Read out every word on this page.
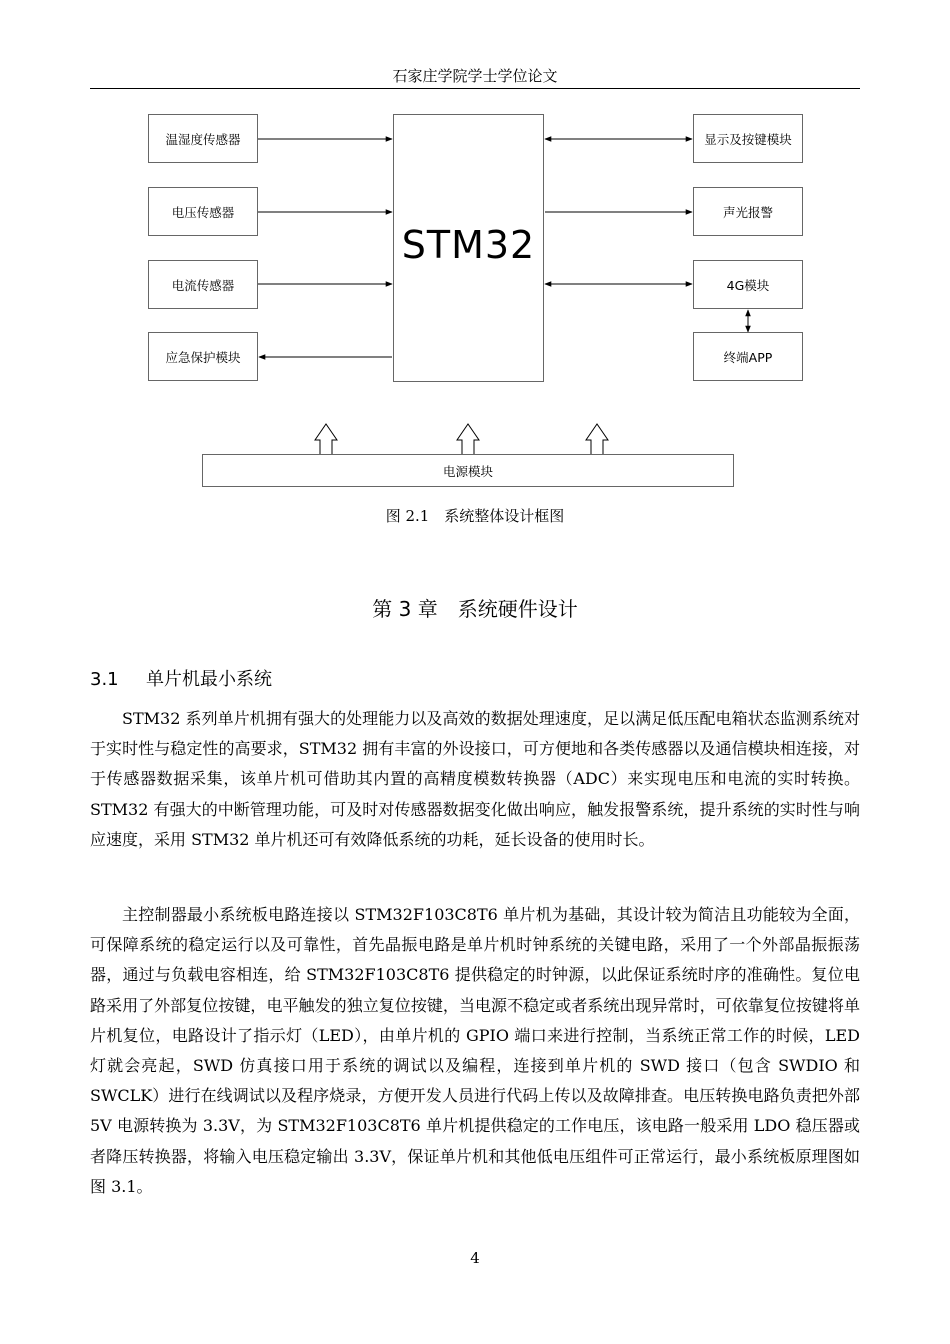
石家庄学院学士学位论文
温湿度传感器
电压传感器
电流传感器
应急保护模块
STM32
显示及按键模块
声光报警
4G模块
终端APP
电源模块
图 2.1　系统整体设计框图
第 3 章　系统硬件设计
3.1 单片机最小系统

STM32 系列单片机拥有强大的处理能力以及高效的数据处理速度，足以满足低压配电箱状态监测系统对于实时性与稳定性的高要求，STM32 拥有丰富的外设接口，可方便地和各类传感器以及通信模块相连接，对于传感器数据采集，该单片机可借助其内置的高精度模数转换器（ADC）来实现电压和电流的实时转换。STM32 有强大的中断管理功能，可及时对传感器数据变化做出响应，触发报警系统，提升系统的实时性与响应速度，采用 STM32 单片机还可有效降低系统的功耗，延长设备的使用时长。

主控制器最小系统板电路连接以 STM32F103C8T6 单片机为基础，其设计较为简洁且功能较为全面，可保障系统的稳定运行以及可靠性，首先晶振电路是单片机时钟系统的关键电路，采用了一个外部晶振振荡器，通过与负载电容相连，给 STM32F103C8T6 提供稳定的时钟源，以此保证系统时序的准确性。复位电路采用了外部复位按键，电平触发的独立复位按键，当电源不稳定或者系统出现异常时，可依靠复位按键将单片机复位，电路设计了指示灯（LED），由单片机的 GPIO 端口来进行控制，当系统正常工作的时候，LED 灯就会亮起，SWD 仿真接口用于系统的调试以及编程，连接到单片机的 SWD 接口（包含 SWDIO 和 SWCLK）进行在线调试以及程序烧录，方便开发人员进行代码上传以及故障排查。电压转换电路负责把外部 5V 电源转换为 3.3V，为 STM32F103C8T6 单片机提供稳定的工作电压，该电路一般采用 LDO 稳压器或者降压转换器，将输入电压稳定输出 3.3V，保证单片机和其他低电压组件可正常运行，最小系统板原理图如图 3.1。

4
